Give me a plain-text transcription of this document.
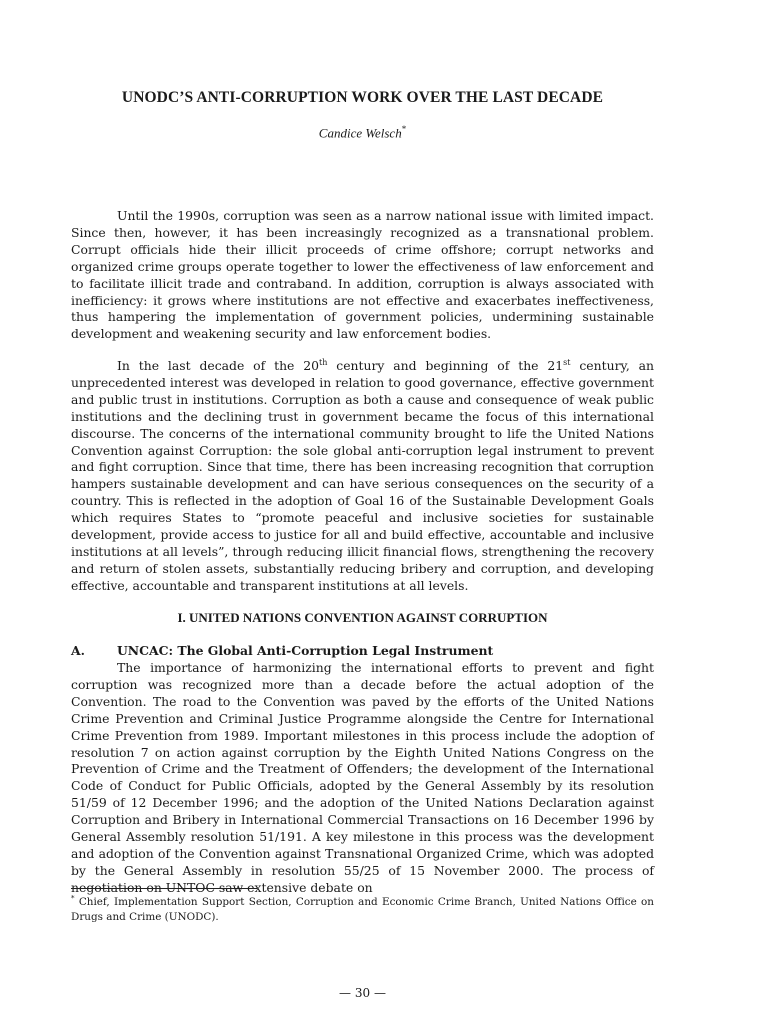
UNODC’S ANTI-CORRUPTION WORK OVER THE LAST DECADE
Candice Welsch*

Until the 1990s, corruption was seen as a narrow national issue with limited impact. Since then, however, it has been increasingly recognized as a transnational problem. Corrupt officials hide their illicit proceeds of crime offshore; corrupt networks and organized crime groups operate together to lower the effectiveness of law enforcement and to facilitate illicit trade and contraband. In addition, corruption is always associated with inefficiency: it grows where institutions are not effective and exacerbates ineffectiveness, thus hampering the implementation of government policies, undermining sustainable development and weakening security and law enforcement bodies.

In the last decade of the 20th century and beginning of the 21st century, an unprecedented interest was developed in relation to good governance, effective government and public trust in institutions. Corruption as both a cause and consequence of weak public institutions and the declining trust in government became the focus of this international discourse. The concerns of the international community brought to life the United Nations Convention against Corruption: the sole global anti-corruption legal instrument to prevent and fight corruption. Since that time, there has been increasing recognition that corruption hampers sustainable development and can have serious consequences on the security of a country. This is reflected in the adoption of Goal 16 of the Sustainable Development Goals which requires States to “promote peaceful and inclusive societies for sustainable development, provide access to justice for all and build effective, accountable and inclusive institutions at all levels”, through reducing illicit financial flows, strengthening the recovery and return of stolen assets, substantially reducing bribery and corruption, and developing effective, accountable and transparent institutions at all levels.

I. UNITED NATIONS CONVENTION AGAINST CORRUPTION
A.	UNCAC: The Global Anti-Corruption Legal Instrument

The importance of harmonizing the international efforts to prevent and fight corruption was recognized more than a decade before the actual adoption of the Convention. The road to the Convention was paved by the efforts of the United Nations Crime Prevention and Criminal Justice Programme alongside the Centre for International Crime Prevention from 1989. Important milestones in this process include the adoption of resolution 7 on action against corruption by the Eighth United Nations Congress on the Prevention of Crime and the Treatment of Offenders; the development of the International Code of Conduct for Public Officials, adopted by the General Assembly by its resolution 51/59 of 12 December 1996; and the adoption of the United Nations Declaration against Corruption and Bribery in International Commercial Transactions on 16 December 1996 by General Assembly resolution 51/191. A key milestone in this process was the development and adoption of the Convention against Transnational Organized Crime, which was adopted by the General Assembly in resolution 55/25 of 15 November 2000. The process of negotiation on UNTOC saw extensive debate on

* Chief, Implementation Support Section, Corruption and Economic Crime Branch, United Nations Office on Drugs and Crime (UNODC).

— 30 —
